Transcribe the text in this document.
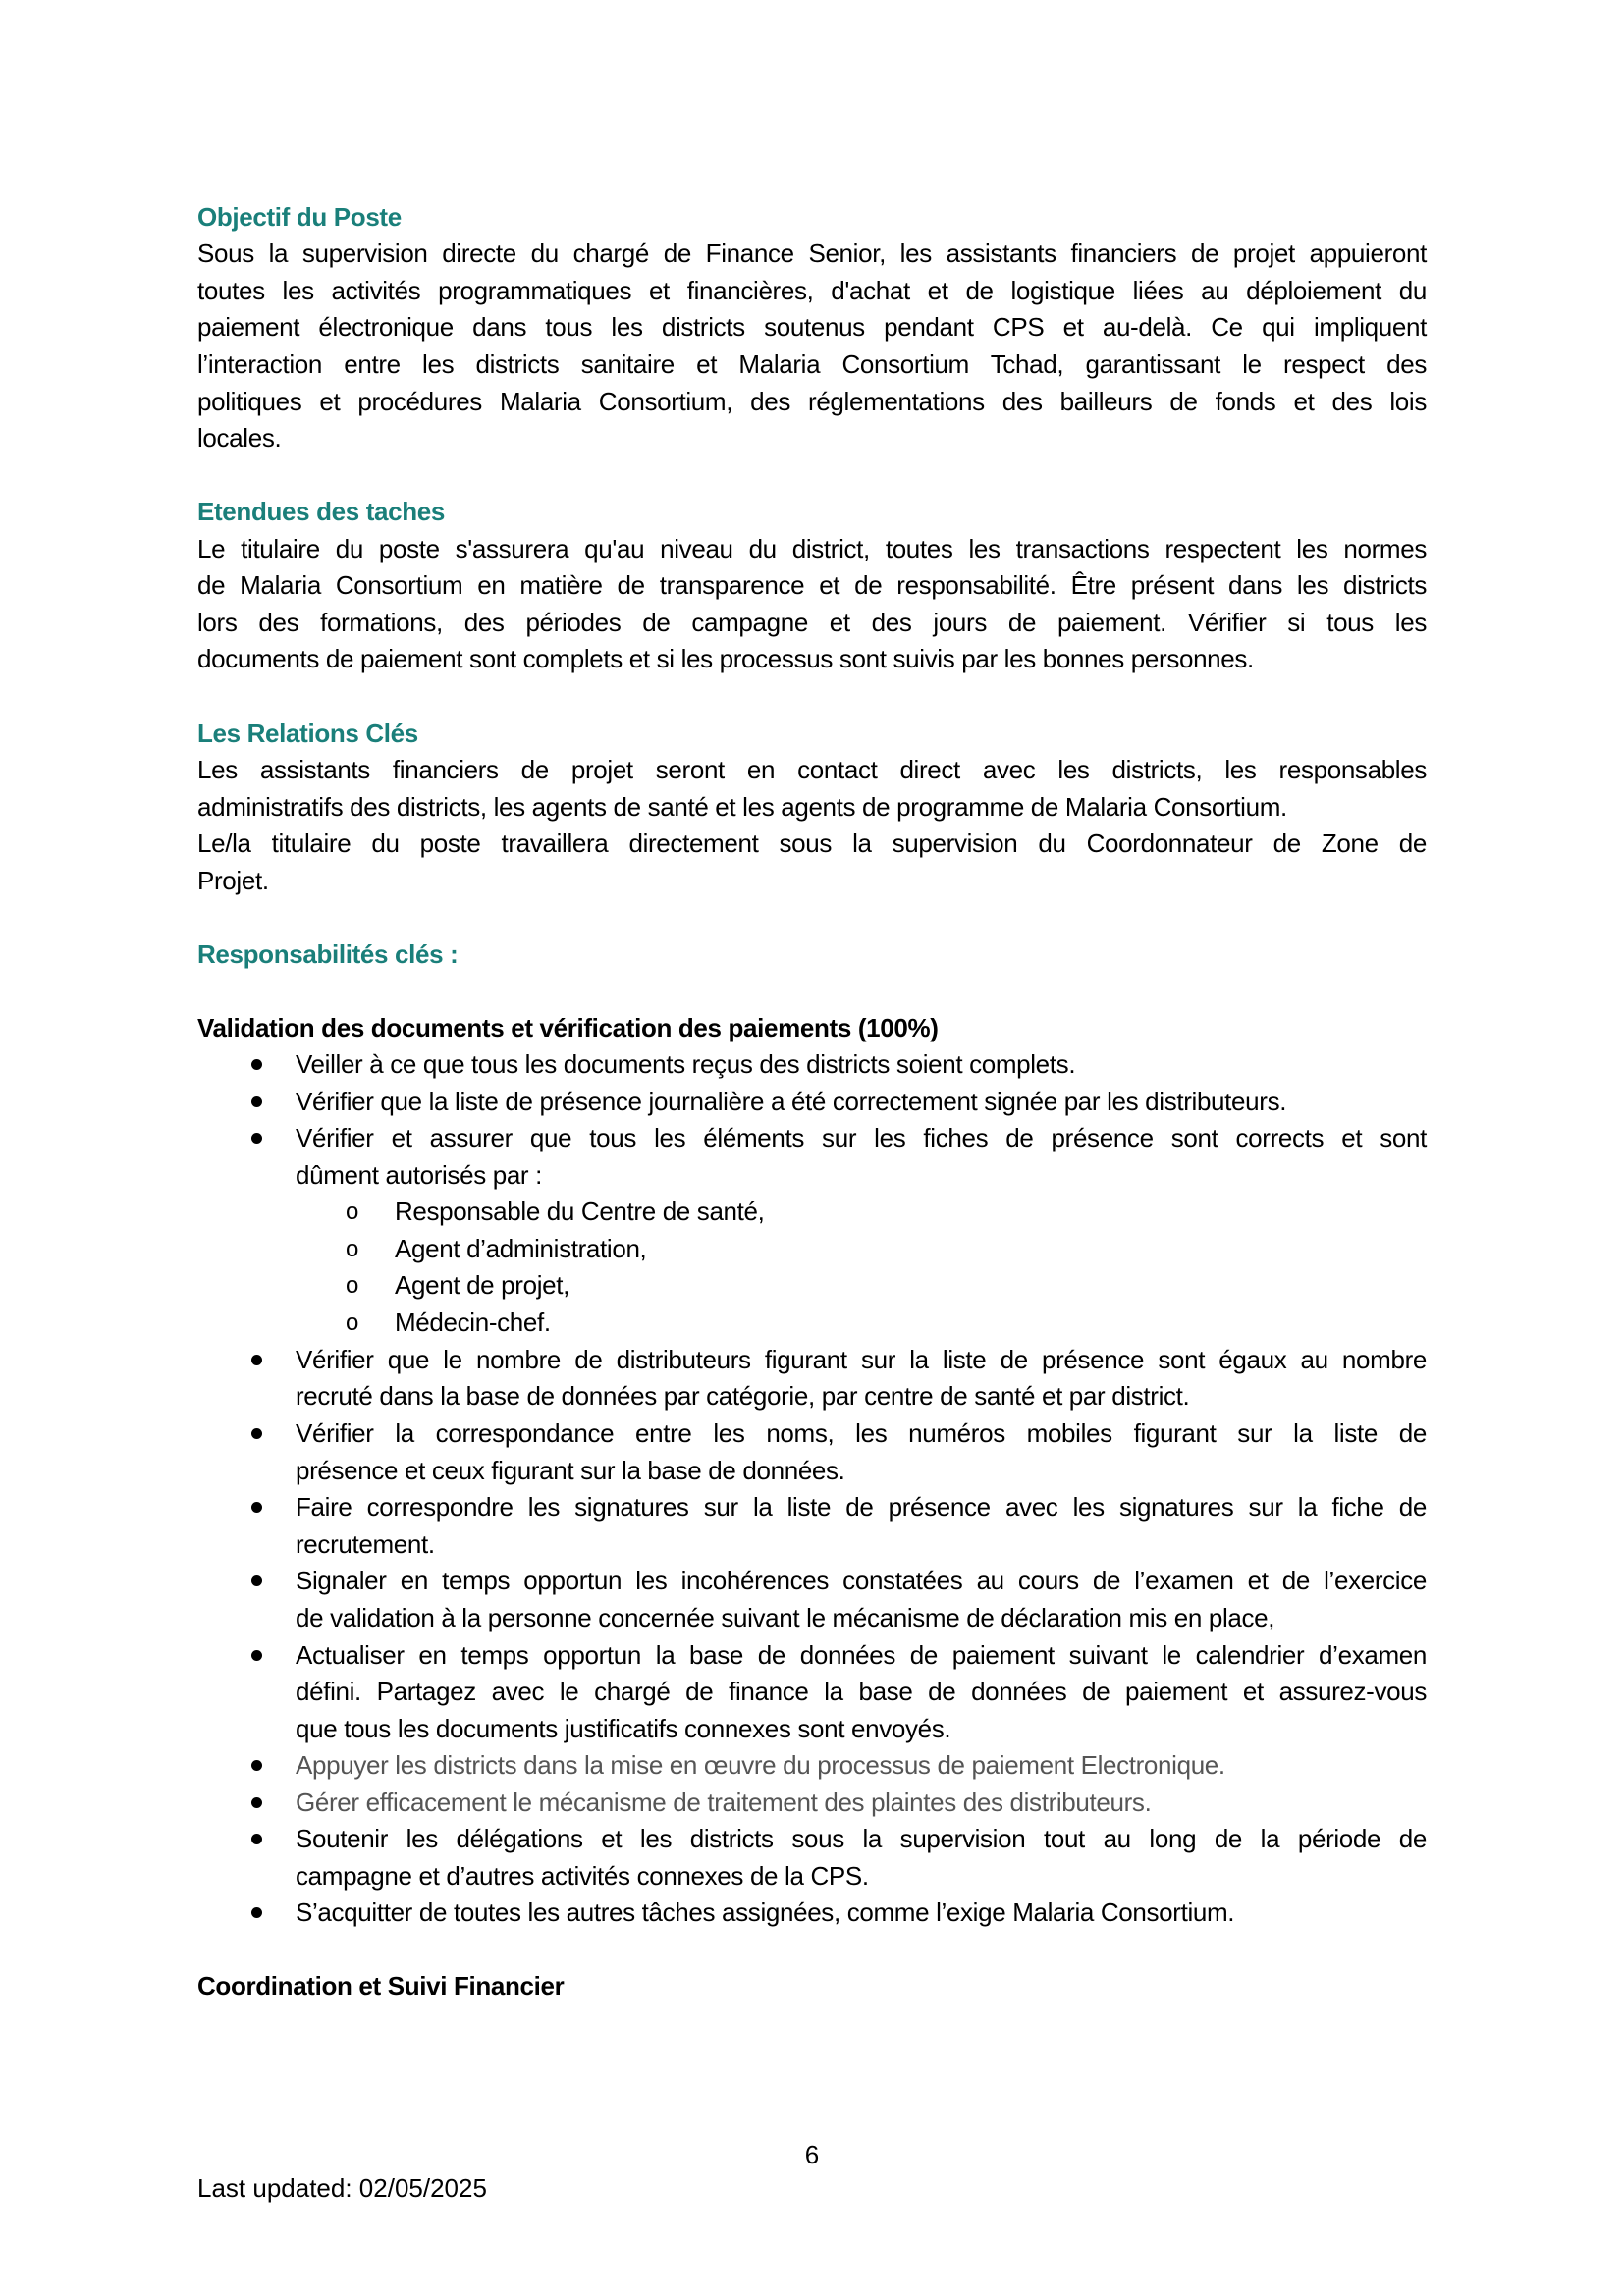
Objectif du Poste
Sous la supervision directe du chargé de Finance Senior, les assistants financiers de projet appuieront
toutes les activités programmatiques et financières, d'achat et de logistique liées au déploiement du
paiement électronique dans tous les districts soutenus pendant CPS et au-delà. Ce qui impliquent
l’interaction entre les districts sanitaire et Malaria Consortium Tchad, garantissant le respect des
politiques et procédures Malaria Consortium, des réglementations des bailleurs de fonds et des lois
locales.
Etendues des taches
Le titulaire du poste s'assurera qu'au niveau du district, toutes les transactions respectent les normes
de Malaria Consortium en matière de transparence et de responsabilité. Être présent dans les districts
lors des formations, des périodes de campagne et des jours de paiement. Vérifier si tous les
documents de paiement sont complets et si les processus sont suivis par les bonnes personnes.
Les Relations Clés
Les assistants financiers de projet seront en contact direct avec les districts, les responsables
administratifs des districts, les agents de santé et les agents de programme de Malaria Consortium.
Le/la titulaire du poste travaillera directement sous la supervision du Coordonnateur de Zone de
Projet.
Responsabilités clés :
Validation des documents et vérification des paiements (100%)
Veiller à ce que tous les documents reçus des districts soient complets.
Vérifier que la liste de présence journalière a été correctement signée par les distributeurs.
Vérifier et assurer que tous les éléments sur les fiches de présence sont corrects et sont
dûment autorisés par :
o Responsable du Centre de santé,
o Agent d’administration,
o Agent de projet,
o Médecin-chef.
Vérifier que le nombre de distributeurs figurant sur la liste de présence sont égaux au nombre
recruté dans la base de données par catégorie, par centre de santé et par district.
Vérifier la correspondance entre les noms, les numéros mobiles figurant sur la liste de
présence et ceux figurant sur la base de données.
Faire correspondre les signatures sur la liste de présence avec les signatures sur la fiche de
recrutement.
Signaler en temps opportun les incohérences constatées au cours de l’examen et de l’exercice
de validation à la personne concernée suivant le mécanisme de déclaration mis en place,
Actualiser en temps opportun la base de données de paiement suivant le calendrier d’examen
défini. Partagez avec le chargé de finance la base de données de paiement et assurez-vous
que tous les documents justificatifs connexes sont envoyés.
Appuyer les districts dans la mise en œuvre du processus de paiement Electronique.
Gérer efficacement le mécanisme de traitement des plaintes des distributeurs.
Soutenir les délégations et les districts sous la supervision tout au long de la période de
campagne et d’autres activités connexes de la CPS.
S’acquitter de toutes les autres tâches assignées, comme l’exige Malaria Consortium.
Coordination et Suivi Financier
6
Last updated: 02/05/2025
